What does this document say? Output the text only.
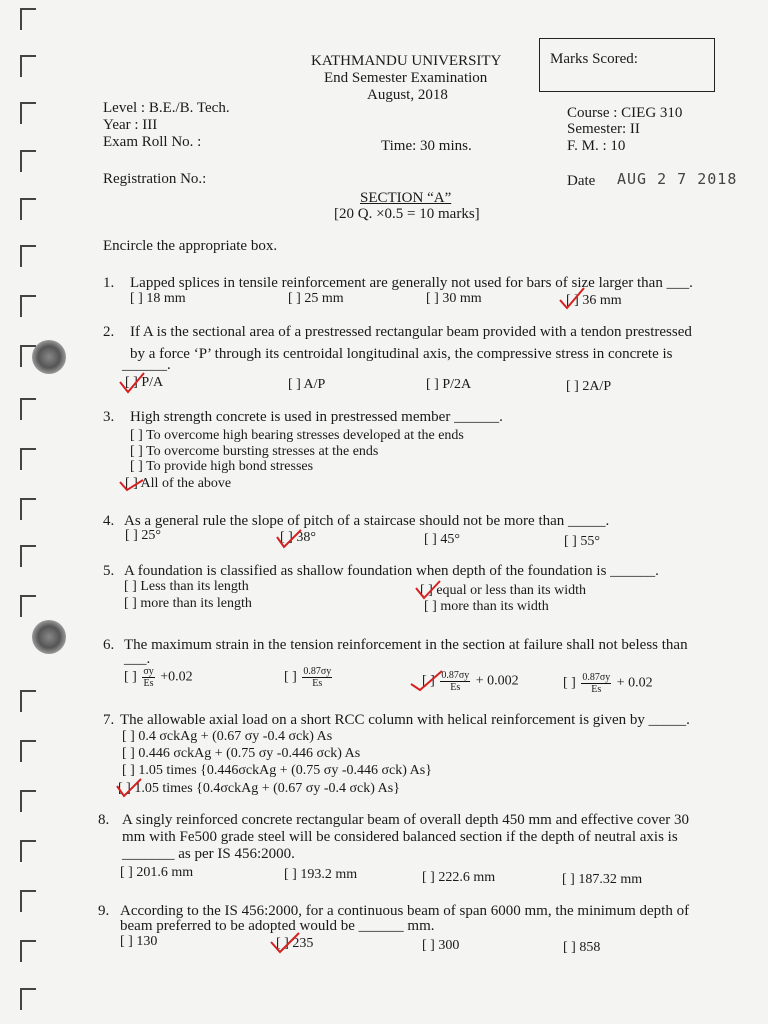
KATHMANDU UNIVERSITY
End Semester Examination
August, 2018
Marks Scored:
Level : B.E./B. Tech.
Year : III
Exam Roll No. :
Course : CIEG 310
Semester: II
Time: 30 mins.	F. M. : 10
Registration No.:	Date AUG 2 7 2018
SECTION “A”
[20 Q. ×0.5 = 10 marks]
Encircle the appropriate box.
1. Lapped splices in tensile reinforcement are generally not used for bars of size larger than ___.
[ ] 18 mm	[ ] 25 mm	[ ] 30 mm	[ ] 36 mm
2. If A is the sectional area of a prestressed rectangular beam provided with a tendon prestressed
by a force ‘P’ through its centroidal longitudinal axis, the compressive stress in concrete is
______.
[ ] P/A	[ ] A/P	[ ] P/2A	[ ] 2A/P
3. High strength concrete is used in prestressed member ______.
[ ] To overcome high bearing stresses developed at the ends
[ ] To overcome bursting stresses at the ends
[ ] To provide high bond stresses
[ ] All of the above
4. As a general rule the slope of pitch of a staircase should not be more than _____.
[ ] 25°	[ ] 38°	[ ] 45°	[ ] 55°
5. A foundation is classified as shallow foundation when depth of the foundation is ______.
[ ] Less than its length
[ ] more than its length
[ ] equal or less than its width
[ ] more than its width
6. The maximum strain in the tension reinforcement in the section at failure shall not beless than
___.
[ ] $\frac{\sigma y}{Es} +0.02$	[ ] $\frac{0.87\sigma y}{Es}$	[ ] $\frac{0.87\sigma y}{Es} + 0.002$	[ ] $\frac{0.87\sigma y}{Es} + 0.02$
7. The allowable axial load on a short RCC column with helical reinforcement is given by _____.
[ ] 0.4 σckAg + (0.67 σy -0.4 σck) As
[ ] 0.446 σckAg + (0.75 σy -0.446 σck) As
[ ] 1.05 times {0.446σckAg + (0.75 σy -0.446 σck) As}
[ ] 1.05 times {0.4σckAg + (0.67 σy -0.4 σck) As}
8. A singly reinforced concrete rectangular beam of overall depth 450 mm and effective cover 30
mm with Fe500 grade steel will be considered balanced section if the depth of neutral axis is
_______ as per IS 456:2000.
[ ] 201.6 mm	[ ] 193.2 mm	[ ] 222.6 mm	[ ] 187.32 mm
9. According to the IS 456:2000, for a continuous beam of span 6000 mm, the minimum depth of
beam preferred to be adopted would be ______ mm.
[ ] 130	[ ] 235	[ ] 300	[ ] 858
